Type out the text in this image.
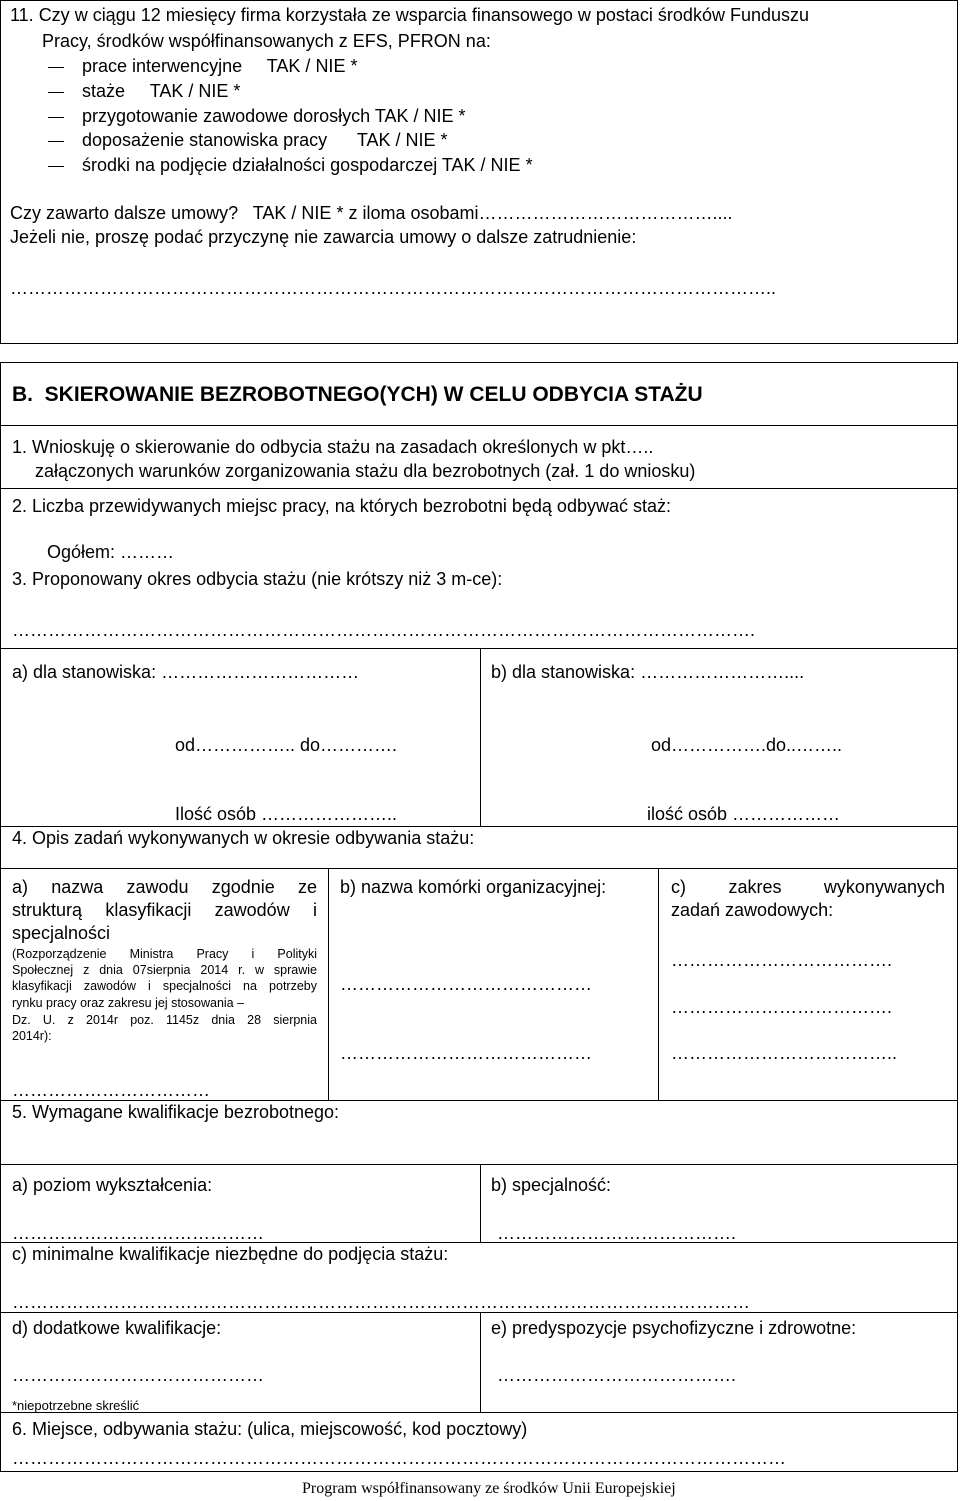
11. Czy w ciągu 12 miesięcy firma korzystała ze wsparcia finansowego w postaci środków Funduszu
Pracy, środków współfinansowanych z EFS, PFRON na:
prace interwencyjne     TAK / NIE *
staże     TAK / NIE *
przygotowanie zawodowe dorosłych TAK / NIE *
doposażenie stanowiska pracy      TAK / NIE *
środki na podjęcie działalności gospodarczej TAK / NIE *
Czy zawarto dalsze umowy?   TAK / NIE * z iloma osobami…………………………………....
Jeżeli nie, proszę podać przyczynę nie zawarcia umowy o dalsze zatrudnienie:
………………………………………………………………………………………………………………..
B.  SKIEROWANIE BEZROBOTNEGO(YCH) W CELU ODBYCIA STAŻU
1. Wnioskuję o skierowanie do odbycia stażu na zasadach określonych w pkt…..
załączonych warunków zorganizowania stażu dla bezrobotnych (zał. 1 do wniosku)
2. Liczba przewidywanych miejsc pracy, na których bezrobotni będą odbywać staż:
Ogółem: ………
3. Proponowany okres odbycia stażu (nie krótszy niż 3 m-ce):
…………………………………………………………………………………………………………….
a) dla stanowiska: ……………………………	b) dla stanowiska: ……………………....
od…………….. do………….	od…………….do..……..
Ilość osób …………………..	ilość osób ………………
4. Opis zadań wykonywanych w okresie odbywania stażu:
a) nazwa zawodu zgodnie ze
strukturą klasyfikacji zawodów i
specjalności
(Rozporządzenie Ministra Pracy i Polityki
Społecznej z dnia 07sierpnia 2014 r. w sprawie
klasyfikacji zawodów i specjalności na potrzeby
rynku pracy oraz zakresu jej stosowania –
Dz. U. z 2014r poz. 1145z dnia 28 sierpnia
2014r):
……………………………
b) nazwa komórki organizacyjnej:
……………………………………
……………………………………
c) zakres wykonywanych
zadań zawodowych:
……………………………….
……………………………….
………………………………..
5. Wymagane kwalifikacje bezrobotnego:
a) poziom wykształcenia:
……………………………………
b) specjalność:
………………………………….
c) minimalne kwalifikacje niezbędne do podjęcia stażu:
……………………………………………………………………………………………………………
d) dodatkowe kwalifikacje:
……………………………………
e) predyspozycje psychofizyczne i zdrowotne:
………………………………….
*niepotrzebne skreślić
6. Miejsce, odbywania stażu: (ulica, miejscowość, kod pocztowy)
…………………………………………………………………………………………………………………
Program współfinansowany ze środków Unii Europejskiej
